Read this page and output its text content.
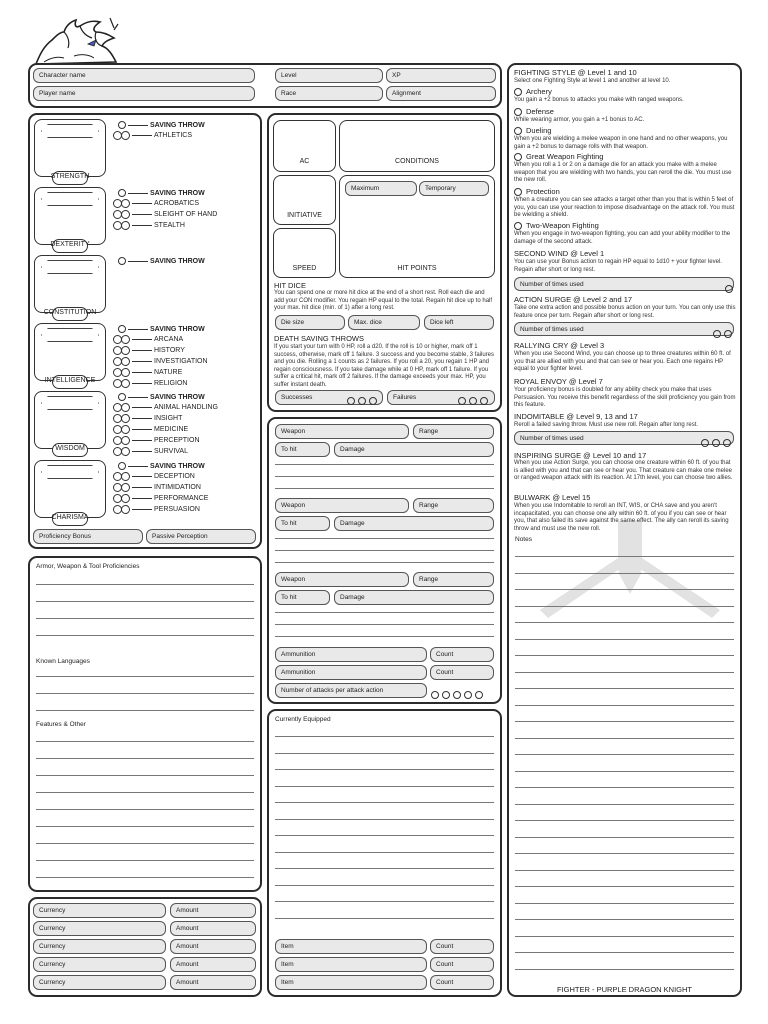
Character name
Player name
Level	XP
Race	Alignment
STRENGTH
SAVING THROW
ATHLETICS
DEXTERITY
SAVING THROW
ACROBATICS
SLEIGHT OF HAND
STEALTH
CONSTITUTION
SAVING THROW
INTELLIGENCE
SAVING THROW
ARCANA
HISTORY
INVESTIGATION
NATURE
RELIGION
WISDOM
SAVING THROW
ANIMAL HANDLING
INSIGHT
MEDICINE
PERCEPTION
SURVIVAL
CHARISMA
SAVING THROW
DECEPTION
INTIMIDATION
PERFORMANCE
PERSUASION
Proficiency Bonus	Passive Perception
Armor, Weapon & Tool Proficiencies
Known Languages
Features & Other
Currency	Amount
Currency	Amount
Currency	Amount
Currency	Amount
Currency	Amount
AC	CONDITIONS
INITIATIVE
SPEED
Maximum	Temporary
HIT POINTS
HIT DICE
You can spend one or more hit dice at the end of a short rest. Roll each die and add your CON modifier. You regain HP equal to the total. Regain hit dice up to half your max. hit dice (min. of 1) after a long rest.
Die size	Max. dice	Dice left
DEATH SAVING THROWS
If you start your turn with 0 HP, roll a d20. If the roll is 10 or higher, mark off 1 success, otherwise, mark off 1 failure. 3 success and you become stable, 3 failures and you die. Rolling a 1 counts as 2 failures. If you roll a 20, you regain 1 HP and regain consciousness. If you take damage while at 0 HP, mark off 1 failure. If you suffer a critical hit, mark off 2 failures. If the damage exceeds your max. HP, you suffer instant death.
Successes	Failures
Weapon	Range
To hit	Damage
Weapon	Range
To hit	Damage
Weapon	Range
To hit	Damage
Ammunition	Count
Ammunition	Count
Number of attacks per attack action
Currently Equipped
Item	Count
Item	Count
Item	Count
FIGHTING STYLE @ Level 1 and 10
Select one Fighting Style at level 1 and another at level 10.
Archery
You gain a +2 bonus to attacks you make with ranged weapons.
Defense
While wearing armor, you gain a +1 bonus to AC.
Dueling
When you are wielding a melee weapon in one hand and no other weapons, you gain a +2 bonus to damage rolls with that weapon.
Great Weapon Fighting
When you roll a 1 or 2 on a damage die for an attack you make with a melee weapon that you are wielding with two hands, you can reroll the die. You must use the new roll.
Protection
When a creature you can see attacks a target other than you that is within 5 feet of you, you can use your reaction to impose disadvantage on the attack roll. You must be wielding a shield.
Two-Weapon Fighting
When you engage in two-weapon fighting, you can add your ability modifier to the damage of the second attack.
SECOND WIND @ Level 1
You can use your Bonus action to regain HP equal to 1d10 + your fighter level. Regain after short or long rest.
Number of times used
ACTION SURGE @ Level 2 and 17
Take one extra action and possible bonus action on your turn. You can only use this feature once per turn. Regain after short or long rest.
Number of times used
RALLYING CRY @ Level 3
When you use Second Wind, you can choose up to three creatures within 60 ft. of you that are allied with you and that can see or hear you. Each one regains HP equal to your fighter level.
ROYAL ENVOY @ Level 7
Your proficiency bonus is doubled for any ability check you make that uses Persuasion. You receive this benefit regardless of the skill proficiency you gain from this feature.
INDOMITABLE @ Level 9, 13 and 17
Reroll a failed saving throw. Must use new roll. Regain after long rest.
Number of times used
INSPIRING SURGE @ Level 10 and 17
When you use Action Surge, you can choose one creature within 60 ft. of you that is allied with you and that can see or hear you. That creature can make one melee or ranged weapon attack with its reaction. At 17th level, you can choose two allies.
BULWARK @ Level 15
When you use Indomitable to reroll an INT, WIS, or CHA save and you aren't incapacitated, you can choose one ally within 60 ft. of you if you can see or hear you, that also failed its save against the same effect. The ally can reroll its saving throw and must use the new roll.
Notes
FIGHTER - PURPLE DRAGON KNIGHT
